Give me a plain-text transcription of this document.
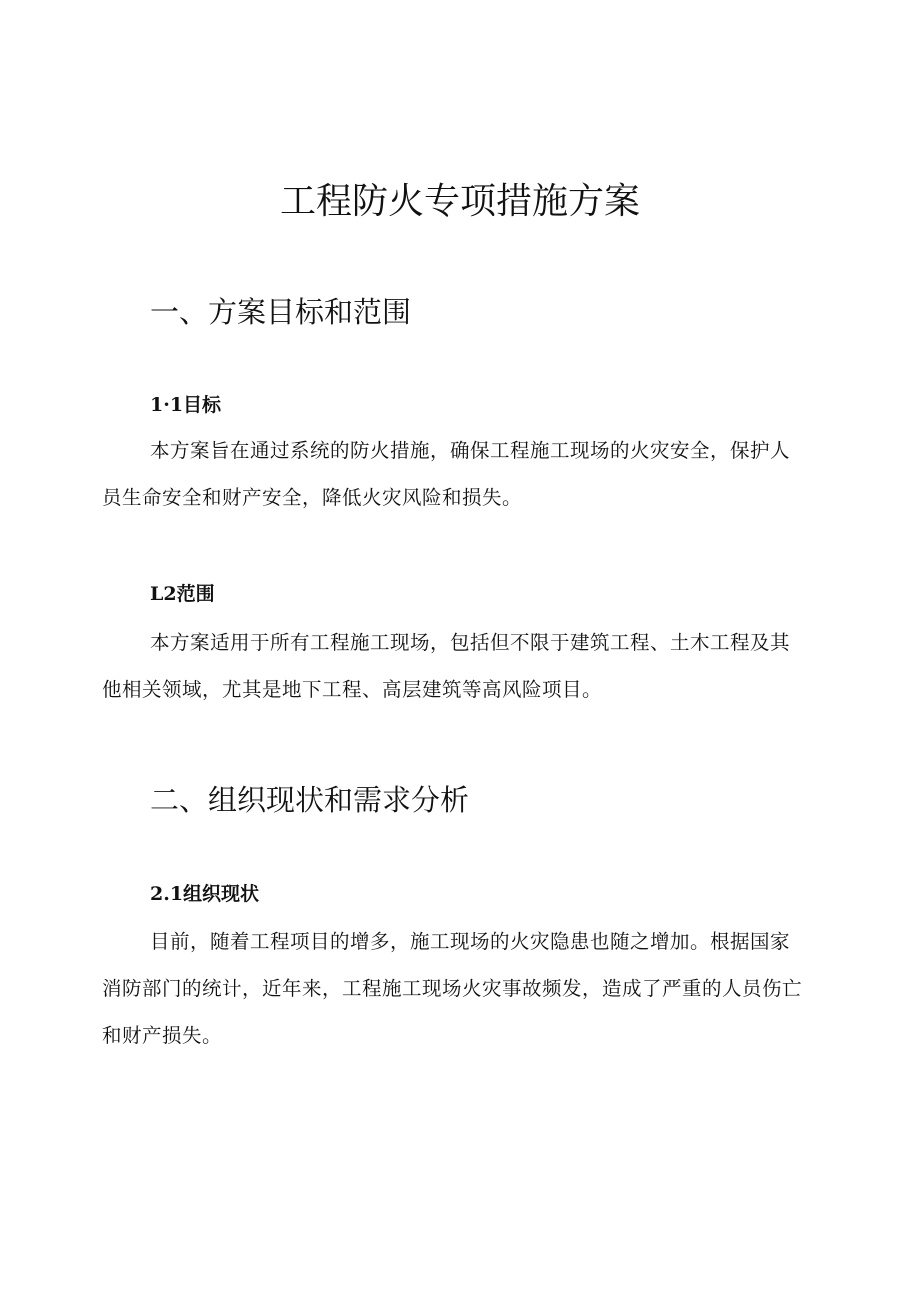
工程防火专项措施方案
一、方案目标和范围
1·1目标

本方案旨在通过系统的防火措施，确保工程施工现场的火灾安全，保护人员生命安全和财产安全，降低火灾风险和损失。

L2范围

本方案适用于所有工程施工现场，包括但不限于建筑工程、土木工程及其他相关领域，尤其是地下工程、高层建筑等高风险项目。

二、组织现状和需求分析
2.1组织现状

目前，随着工程项目的增多，施工现场的火灾隐患也随之增加。根据国家消防部门的统计，近年来，工程施工现场火灾事故频发，造成了严重的人员伤亡和财产损失。
